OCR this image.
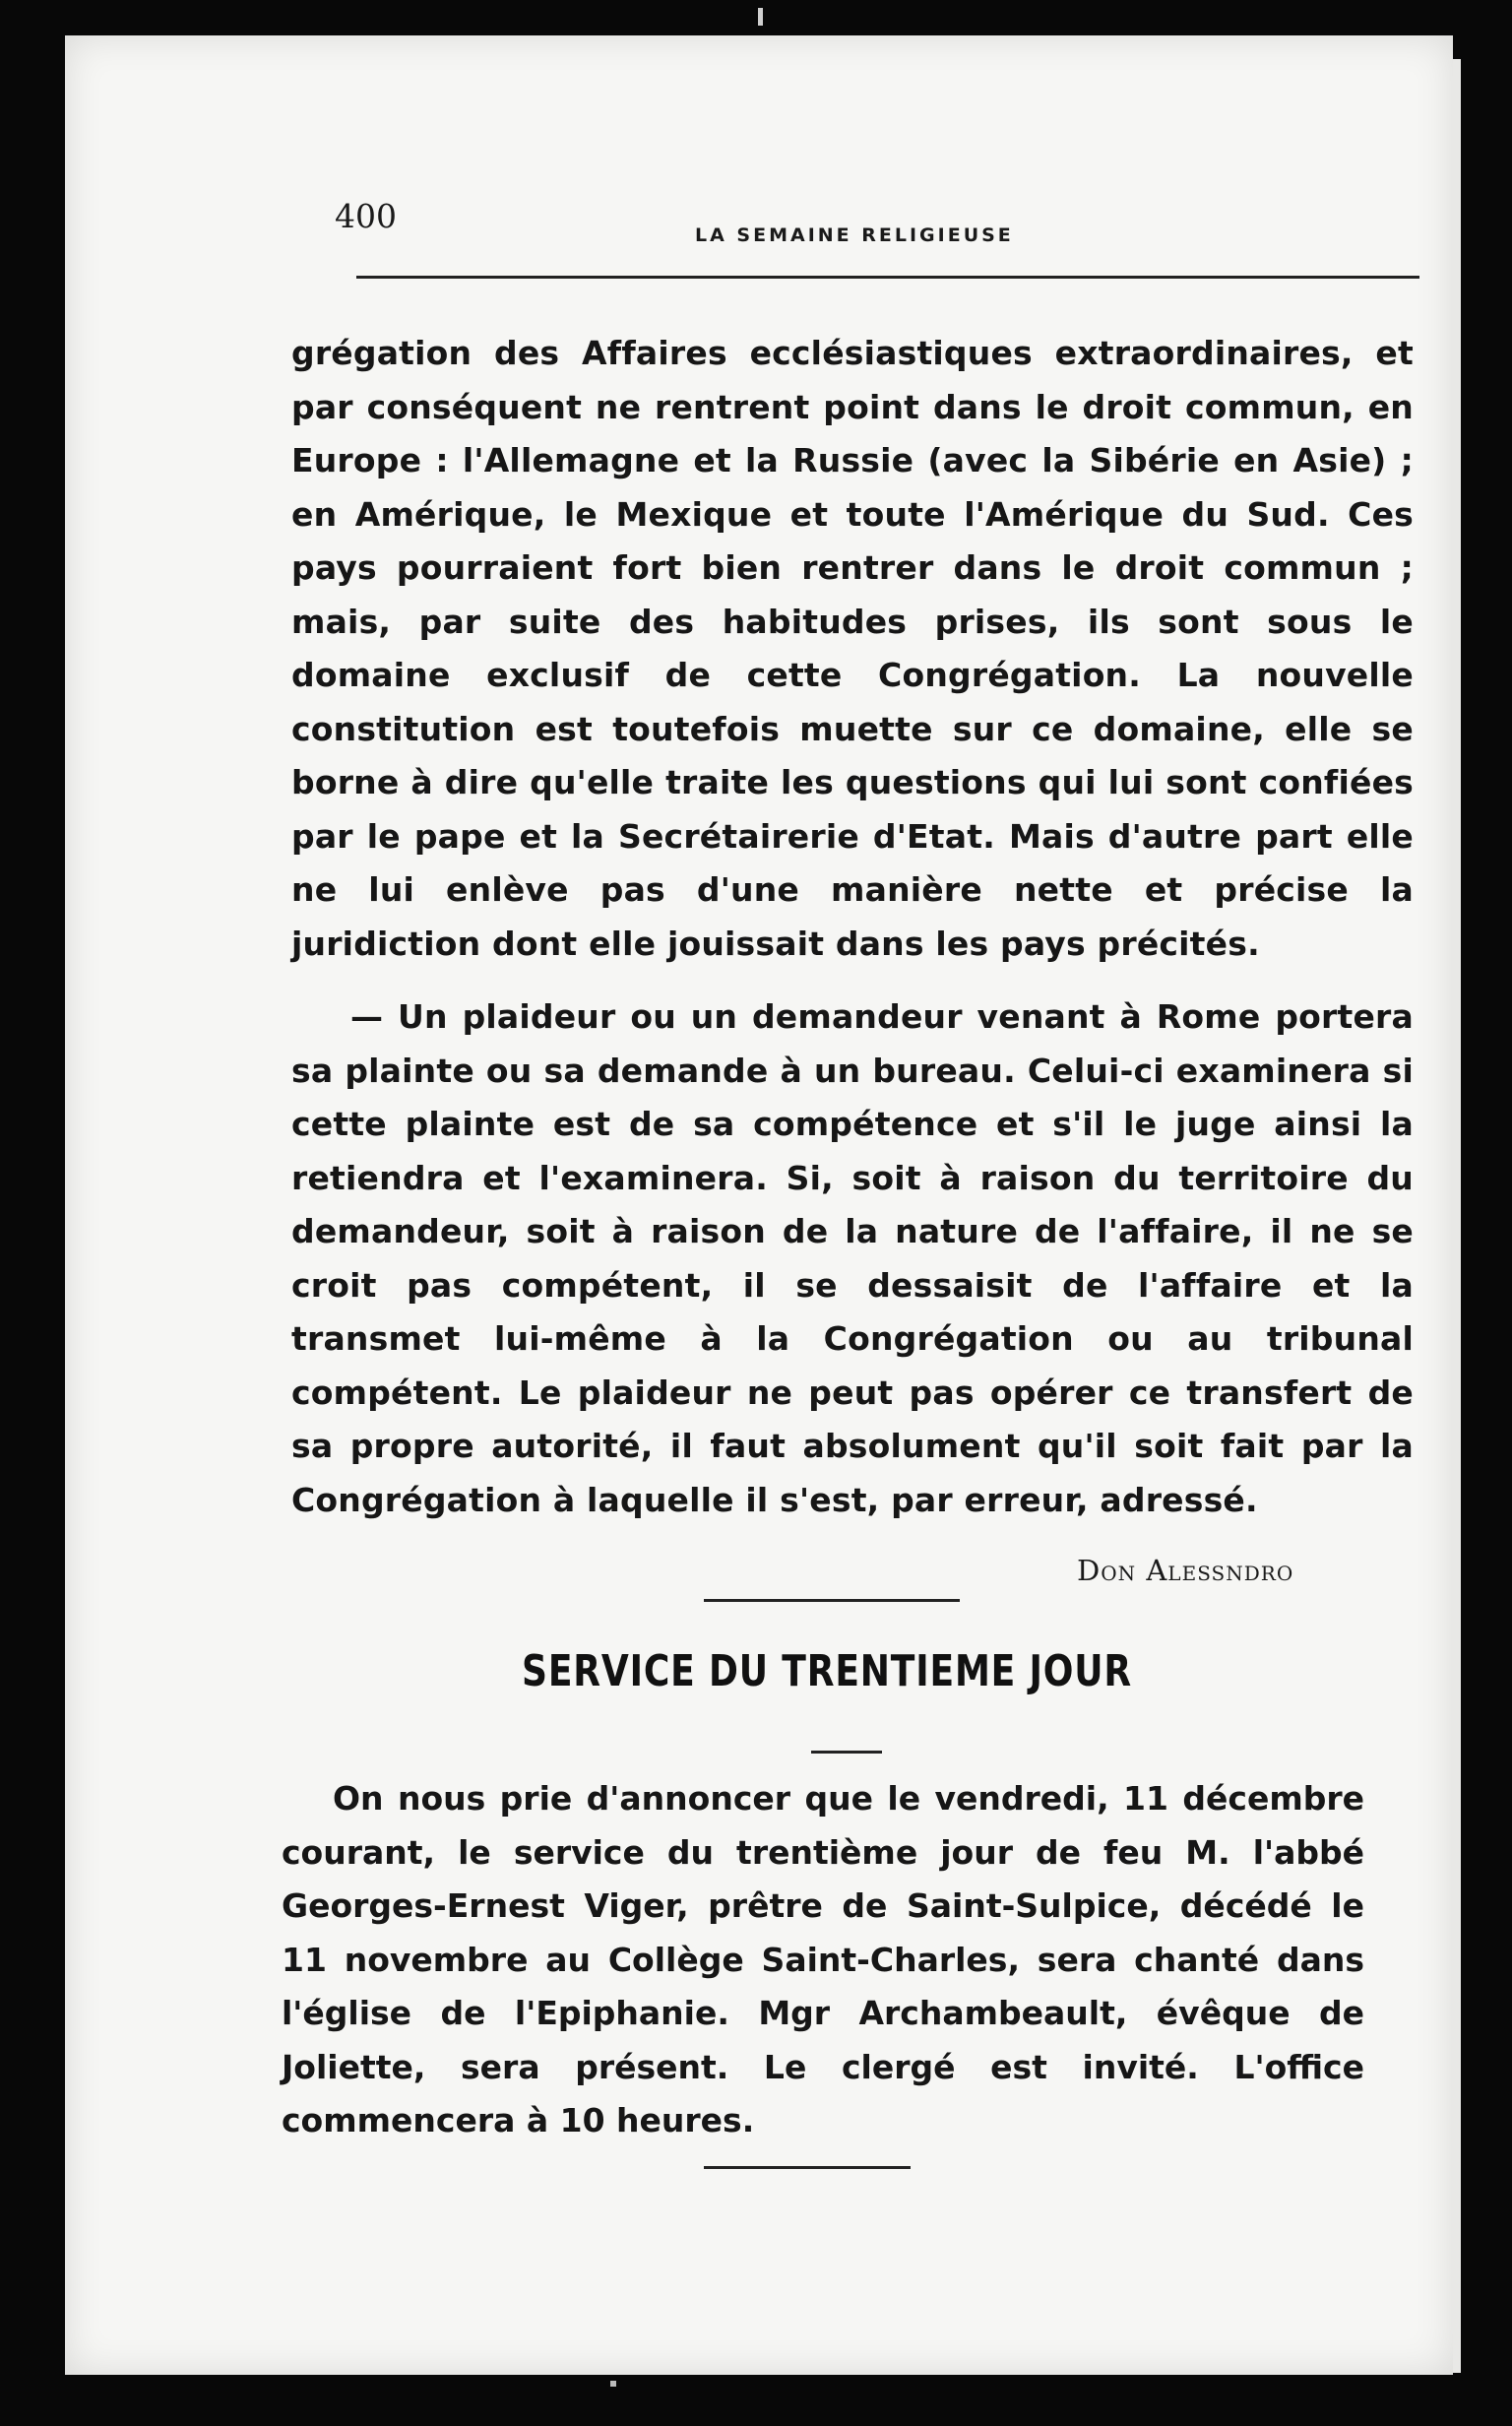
400	LA SEMAINE RELIGIEUSE

grégation des Affaires ecclésiastiques extraordinaires, et par conséquent ne rentrent point dans le droit commun, en Europe : l'Allemagne et la Russie (avec la Sibérie en Asie) ; en Amérique, le Mexique et toute l'Amérique du Sud. Ces pays pourraient fort bien rentrer dans le droit commun ; mais, par suite des habitudes prises, ils sont sous le domaine exclusif de cette Congrégation. La nouvelle constitution est toutefois muette sur ce domaine, elle se borne à dire qu'elle traite les questions qui lui sont confiées par le pape et la Secrétairerie d'Etat. Mais d'autre part elle ne lui enlève pas d'une manière nette et précise la juridiction dont elle jouissait dans les pays précités.

— Un plaideur ou un demandeur venant à Rome portera sa plainte ou sa demande à un bureau. Celui-ci examinera si cette plainte est de sa compétence et s'il le juge ainsi la retiendra et l'examinera. Si, soit à raison du territoire du demandeur, soit à raison de la nature de l'affaire, il ne se croit pas compétent, il se dessaisit de l'affaire et la transmet lui-même à la Congrégation ou au tribunal compétent. Le plaideur ne peut pas opérer ce transfert de sa propre autorité, il faut absolument qu'il soit fait par la Congrégation à laquelle il s'est, par erreur, adressé.

Don Alessndro
SERVICE DU TRENTIEME JOUR

On nous prie d'annoncer que le vendredi, 11 décembre courant, le service du trentième jour de feu M. l'abbé Georges-Ernest Viger, prêtre de Saint-Sulpice, décédé le 11 novembre au Collège Saint-Charles, sera chanté dans l'église de l'Epiphanie. Mgr Archambeault, évêque de Joliette, sera présent. Le clergé est invité. L'office commencera à 10 heures.
